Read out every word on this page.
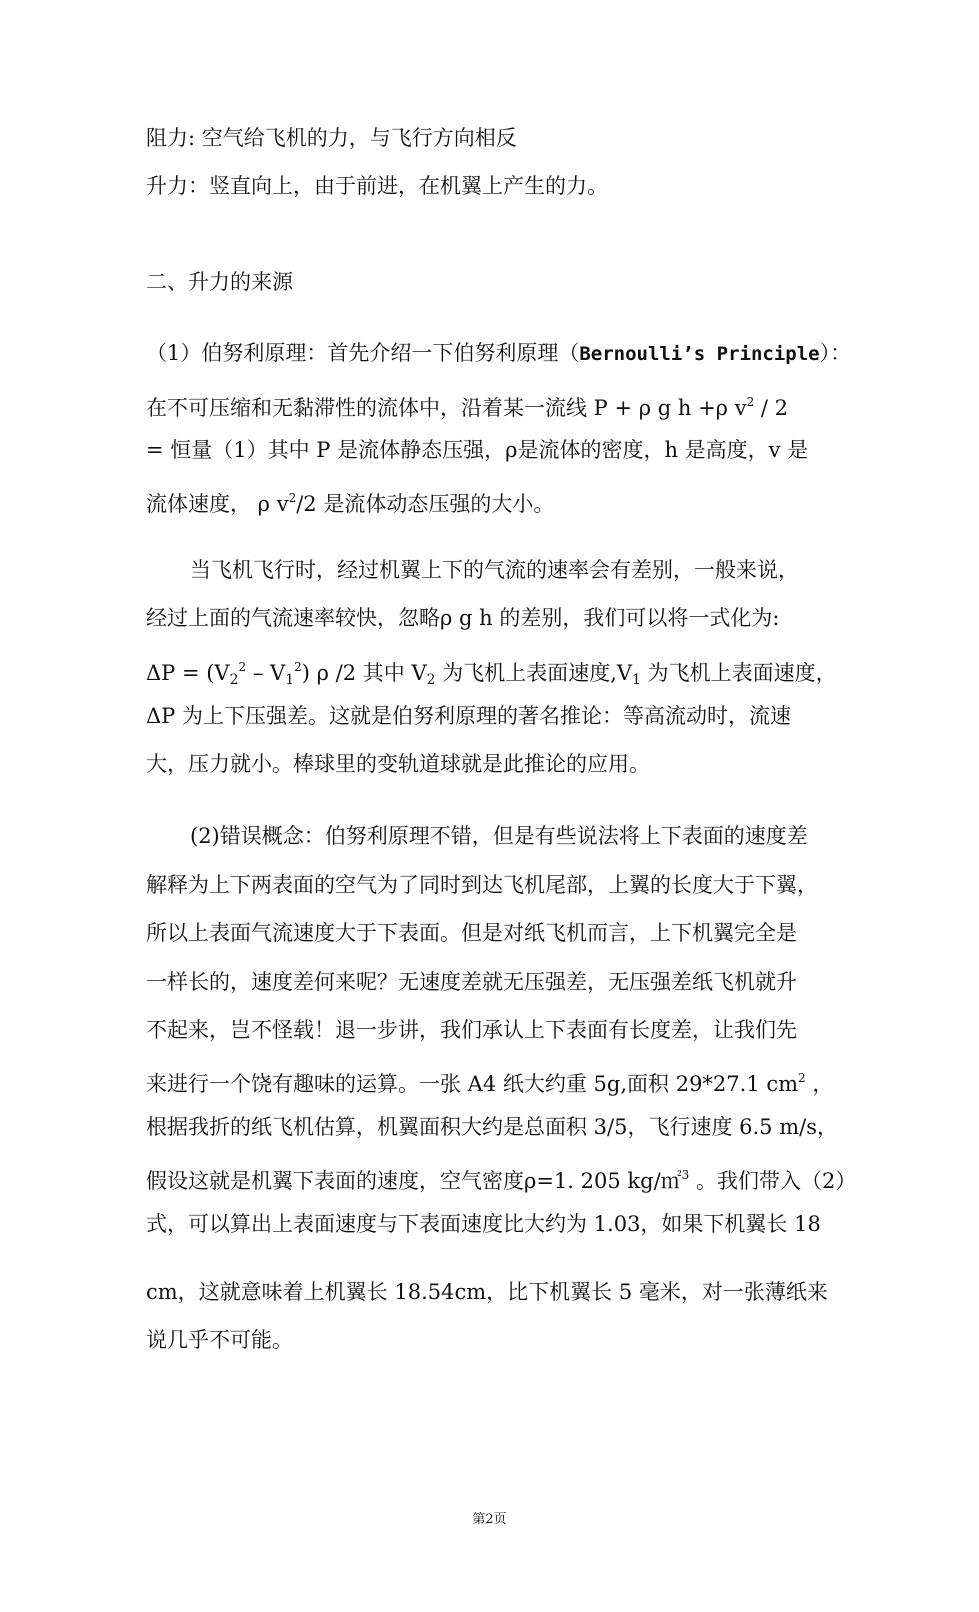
阻力: 空气给飞机的力，与飞行方向相反
升力：竖直向上，由于前进，在机翼上产生的力。
二、升力的来源
（1）伯努利原理：首先介绍一下伯努利原理（Bernoulli’s Principle）：
在不可压缩和无黏滞性的流体中，沿着某一流线 P + ρ g h +ρ $v^2 / 2$
= 恒量（1）其中 P 是流体静态压强，ρ是流体的密度，h 是高度，v 是
流体速度， ρ $v^2/2$ 是流体动态压强的大小。
当飞机飞行时，经过机翼上下的气流的速率会有差别，一般来说，
经过上面的气流速率较快，忽略ρ g h 的差别，我们可以将一式化为:
$\Delta P = (V_2^2 - V_1^2)$ ρ /2 其中 $V_2$ 为飞机上表面速度$,V_1$ 为飞机上表面速度，
ΔP 为上下压强差。这就是伯努利原理的著名推论：等高流动时，流速
大，压力就小。棒球里的变轨道球就是此推论的应用。
(2)错误概念：伯努利原理不错，但是有些说法将上下表面的速度差
解释为上下两表面的空气为了同时到达飞机尾部，上翼的长度大于下翼，
所以上表面气流速度大于下表面。但是对纸飞机而言，上下机翼完全是
一样长的，速度差何来呢？无速度差就无压强差，无压强差纸飞机就升
不起来，岂不怪载！退一步讲，我们承认上下表面有长度差，让我们先
来进行一个饶有趣味的运算。一张 A4 纸大约重 5g,面积 29*27.1 $cm^2$ ，
根据我折的纸飞机估算，机翼面积大约是总面积 3/5，飞行速度 6.5 m/s，
假设这就是机翼下表面的速度，空气密度ρ=1. 205 kg/㎡$^3$ 。我们带入（2）
式，可以算出上表面速度与下表面速度比大约为 1.03，如果下机翼长 18
cm，这就意味着上机翼长 18.54cm，比下机翼长 5 毫米，对一张薄纸来
说几乎不可能。
第2页
